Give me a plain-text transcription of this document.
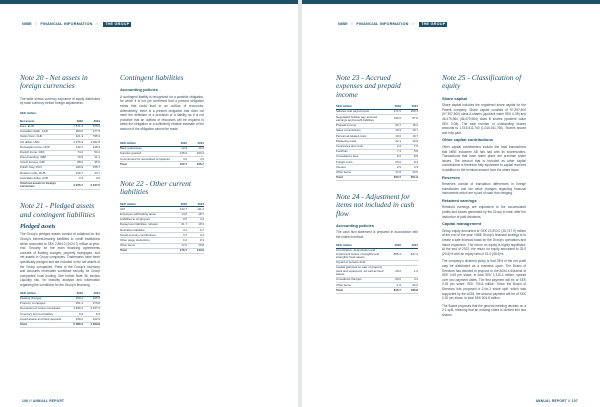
NIBE // FINANCIAL INFORMATION //	THE GROUP
Note 20 - Net assets in foreign currencies

The table shows currency exposure of equity distributed by each currency before foreign adjustments.

SEK million
Net assets	2022	2021
Euro, EUR	7 571.4	975.6
Canadian dollar, CAD	309.6	177.9
Swiss franc, CHF	421.3	795.3
US dollar, USD	2 076.3	1 092.8
Norwegian krone, NOK	130.1	148.3
Danish krone, DKK	74.2	53.4
Pound sterling, GBP	79.9	31.1
Czech koruna, CZK	88.0	35.6
Polish zloty, PLN	180.9	158.7
Russian ruble, RUB	246.7	43.7
Australian dollar, AUD	0.3	0.6
Total net assets in foreign currencies	4 976.7	3 427.5
Note 21 - Pledged assets and contingent liabilities
Pledged assets

The Group's pledged assets consist of collateral for the Group's interest-bearing liabilities to credit institutions which amounted to SEK 2,894.0 (2024.7) million at year-end. Security for the main financing agreements consists of floating charges, property mortgages, and net assets in Group companies. Trademarks have been specifically pledged and are included in the net assets of the Group companies. Parts of the Group's inventory and accounts receivable constitute security for Group companies' local lending. See further Note 36, section Liquidity risk, for maturity analysis and information regarding the conditions for the Group's financing.

SEK million	2022	2021
Floating charges	490.2	495.5
Property mortgages	251.4	279.8
Net assets of Group companies	4 486.2	3 197.4
Inventory and receivables	9.4	8.3
Liquid assets and bank deposits	349.2	312.5
Total	5 586.4	4 269.9
Contingent liabilities
Accounting policies

A contingent liability is recognized for a possible obligation, for which it is not yet confirmed that a present obligation exists that could lead to an outflow of resources. Alternatively, there is a present obligation that does not meet the definition of a provision or a liability as it is not probable that an outflow of resources will be required to settle the obligation or a sufficiently reliable estimate of the amount of the obligation cannot be made.

SEK million	2022	2021
Bank guarantees	12.8	12.2
Sureties granted	135.9	160.3
Commitment for associated companies	4.0	4.0
Total	152.7	166.7
Note 22 - Other current liabilities
SEK million	2022	2021
VAT	133.7	111.2
Employee withholding taxes	14.0	18.7
Liabilities to employees	9.5	4.3
Repayment liabilities, rebates	21.7	18.3
Derivative liabilities	4.1	0.7
Social security contributions	3.3	3.4
Other wage deductions	0.4	0.3
Other items	17.0	16.8
Total	176.7	143.6
106 // ANNUAL REPORT
NIBE // FINANCIAL INFORMATION //	THE GROUP
Note 23 - Accrued expenses and prepaid income
SEK million	2022	2021
Salaries and payroll costs	171.5	160.1
Negotiated holiday pay, accrued earnings and benefit liabilities	150.0	87.0
Prepaid income	52.7	15.2
Sales commissions	19.3	19.7
Personnel-related costs	10.6	19.7
Marketing costs	22.1	15.9
Insurances and rents	6.4	7.0
Fuel/Gas	7.3	5.8
Consultancy fees	8.2	8.8
Freight costs	20.6	8.3
Interest	2.9	0.3
Other items	47.8	33.0
Total	520.7	351.9
Note 24 - Adjustment for items not included in cash flow
Accounting policies

The cash flow statement is prepared in accordance with the indirect method.

SEK million	2022	2021
Amortization, depreciation and impairment losses of tangible and intangible fixed assets	855.4	627.2
Impact of pension debt		
Capital gain/loss on sale of property, plant and equipment, as well as fixed assets	-18.2	1.2
Unrealized changes	-20.0	3.4
Other items	-1.9	-42.2
Total	815.7	786.8
Note 25 - Classification of equity
Share capital

Share capital includes the registered share capital for the Parent company. Share capital consists of 97,397,600 (97,397,600) class A shares (quotient value SEK 0.08) and 46,479,964 (46,479,964) class B shares (quotient value SEK 0.08). The total number of outstanding shares amounts to 1,016,511,760 (1,016,511,760). Shares issued and fully paid.

Other capital contributions

Other capital contributions include the total transactions that NIBE Industrier AB has had with its shareholders. Transactions that have taken place are premium share issues. The amount that is included as other capital contributions is therefore fully equivalent to capital received in addition to the nominal amount from the share issue.

Reserves

Reserves consist of translation differences in foreign subsidiaries and fair value changes regarding financial instruments which are a part of cash flow hedging.

Retained earnings

Retained earnings are equivalent to the accumulated profits and losses generated by the Group in total, after the deduction of paid dividends.

Capital management

Group equity amounted to SEK 23,902.0 (16,747.9) million at the end of the year. NIBE Group's financial strategy is to create a safe financial basis for the Group's operations and future expansion. The return on equity is highly significant. At the end of 2022, the return on equity amounted to 25.0 (20.6)% with an equity ratio of 51.0 (58.6)%.

The company's dividend policy is that 25% of the net profit may be distributed as a business cycle. The Board of Directors has decided to propose to the AGM a dividend of SEK 0.65 per share, in total SEK 1,310.4 million, spread over two payment dates. The first payment will be of SEK 0.35 per share, SEK 705.6 million. Since the Board of Directors has proposed a 2-for-1 share split, which was supported by the AGM, the second payment will be of SEK 0.30 per share, in total SEK 604.8 million.

The Board proposes that the general meeting decides on a 2:1 split, meaning that an existing share is divided into two shares.

ANNUAL REPORT // 107
